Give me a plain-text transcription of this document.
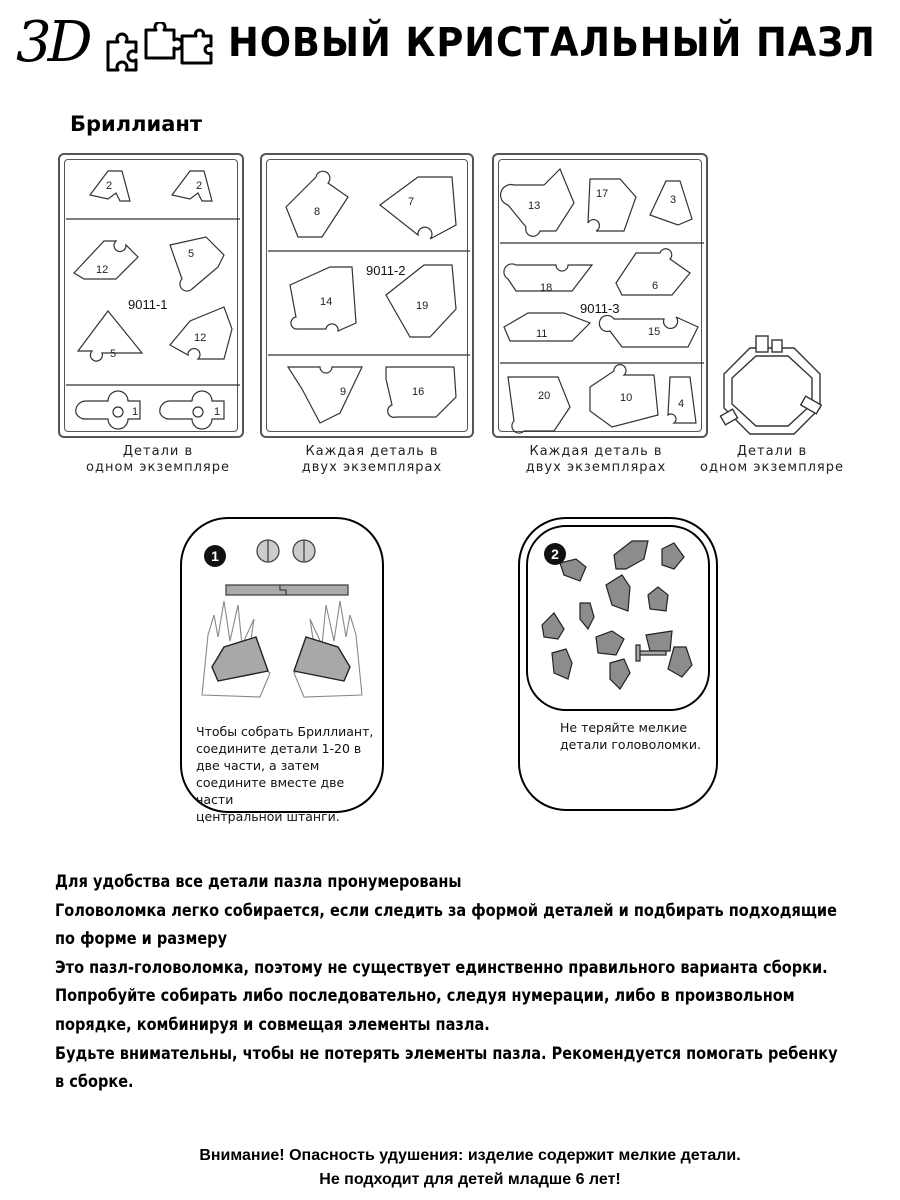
3D	НОВЫЙ КРИСТАЛЬНЫЙ ПАЗЛ
Бриллиант
2	2
12
5
5
12
1	1
9011-1
Детали в
одном экземпляре
8
7
14	19
9	16
9011-2
Каждая деталь в
двух экземплярах
13
17	3
18	6
11	15
20	10	4
9011-3
Каждая деталь в
двух экземплярах
Детали в
одном экземпляре
1
Чтобы собрать Бриллиант,
соедините детали 1-20 в
две части, а затем
соедините вместе две части
центральной штанги.
2
Не теряйте мелкие
детали головоломки.

Для удобства все детали пазла пронумерованы

Головоломка легко собирается, если следить за формой деталей и подбирать подходящие по форме и размеру

Это пазл-головоломка, поэтому не существует единственно правильного варианта сборки.

Попробуйте собирать либо последовательно, следуя нумерации, либо в произвольном порядке, комбинируя и совмещая элементы пазла.

Будьте внимательны, чтобы не потерять элементы пазла. Рекомендуется помогать ребенку в сборке.

Внимание! Опасность удушения: изделие содержит мелкие детали.
Не подходит для детей младше 6 лет!
